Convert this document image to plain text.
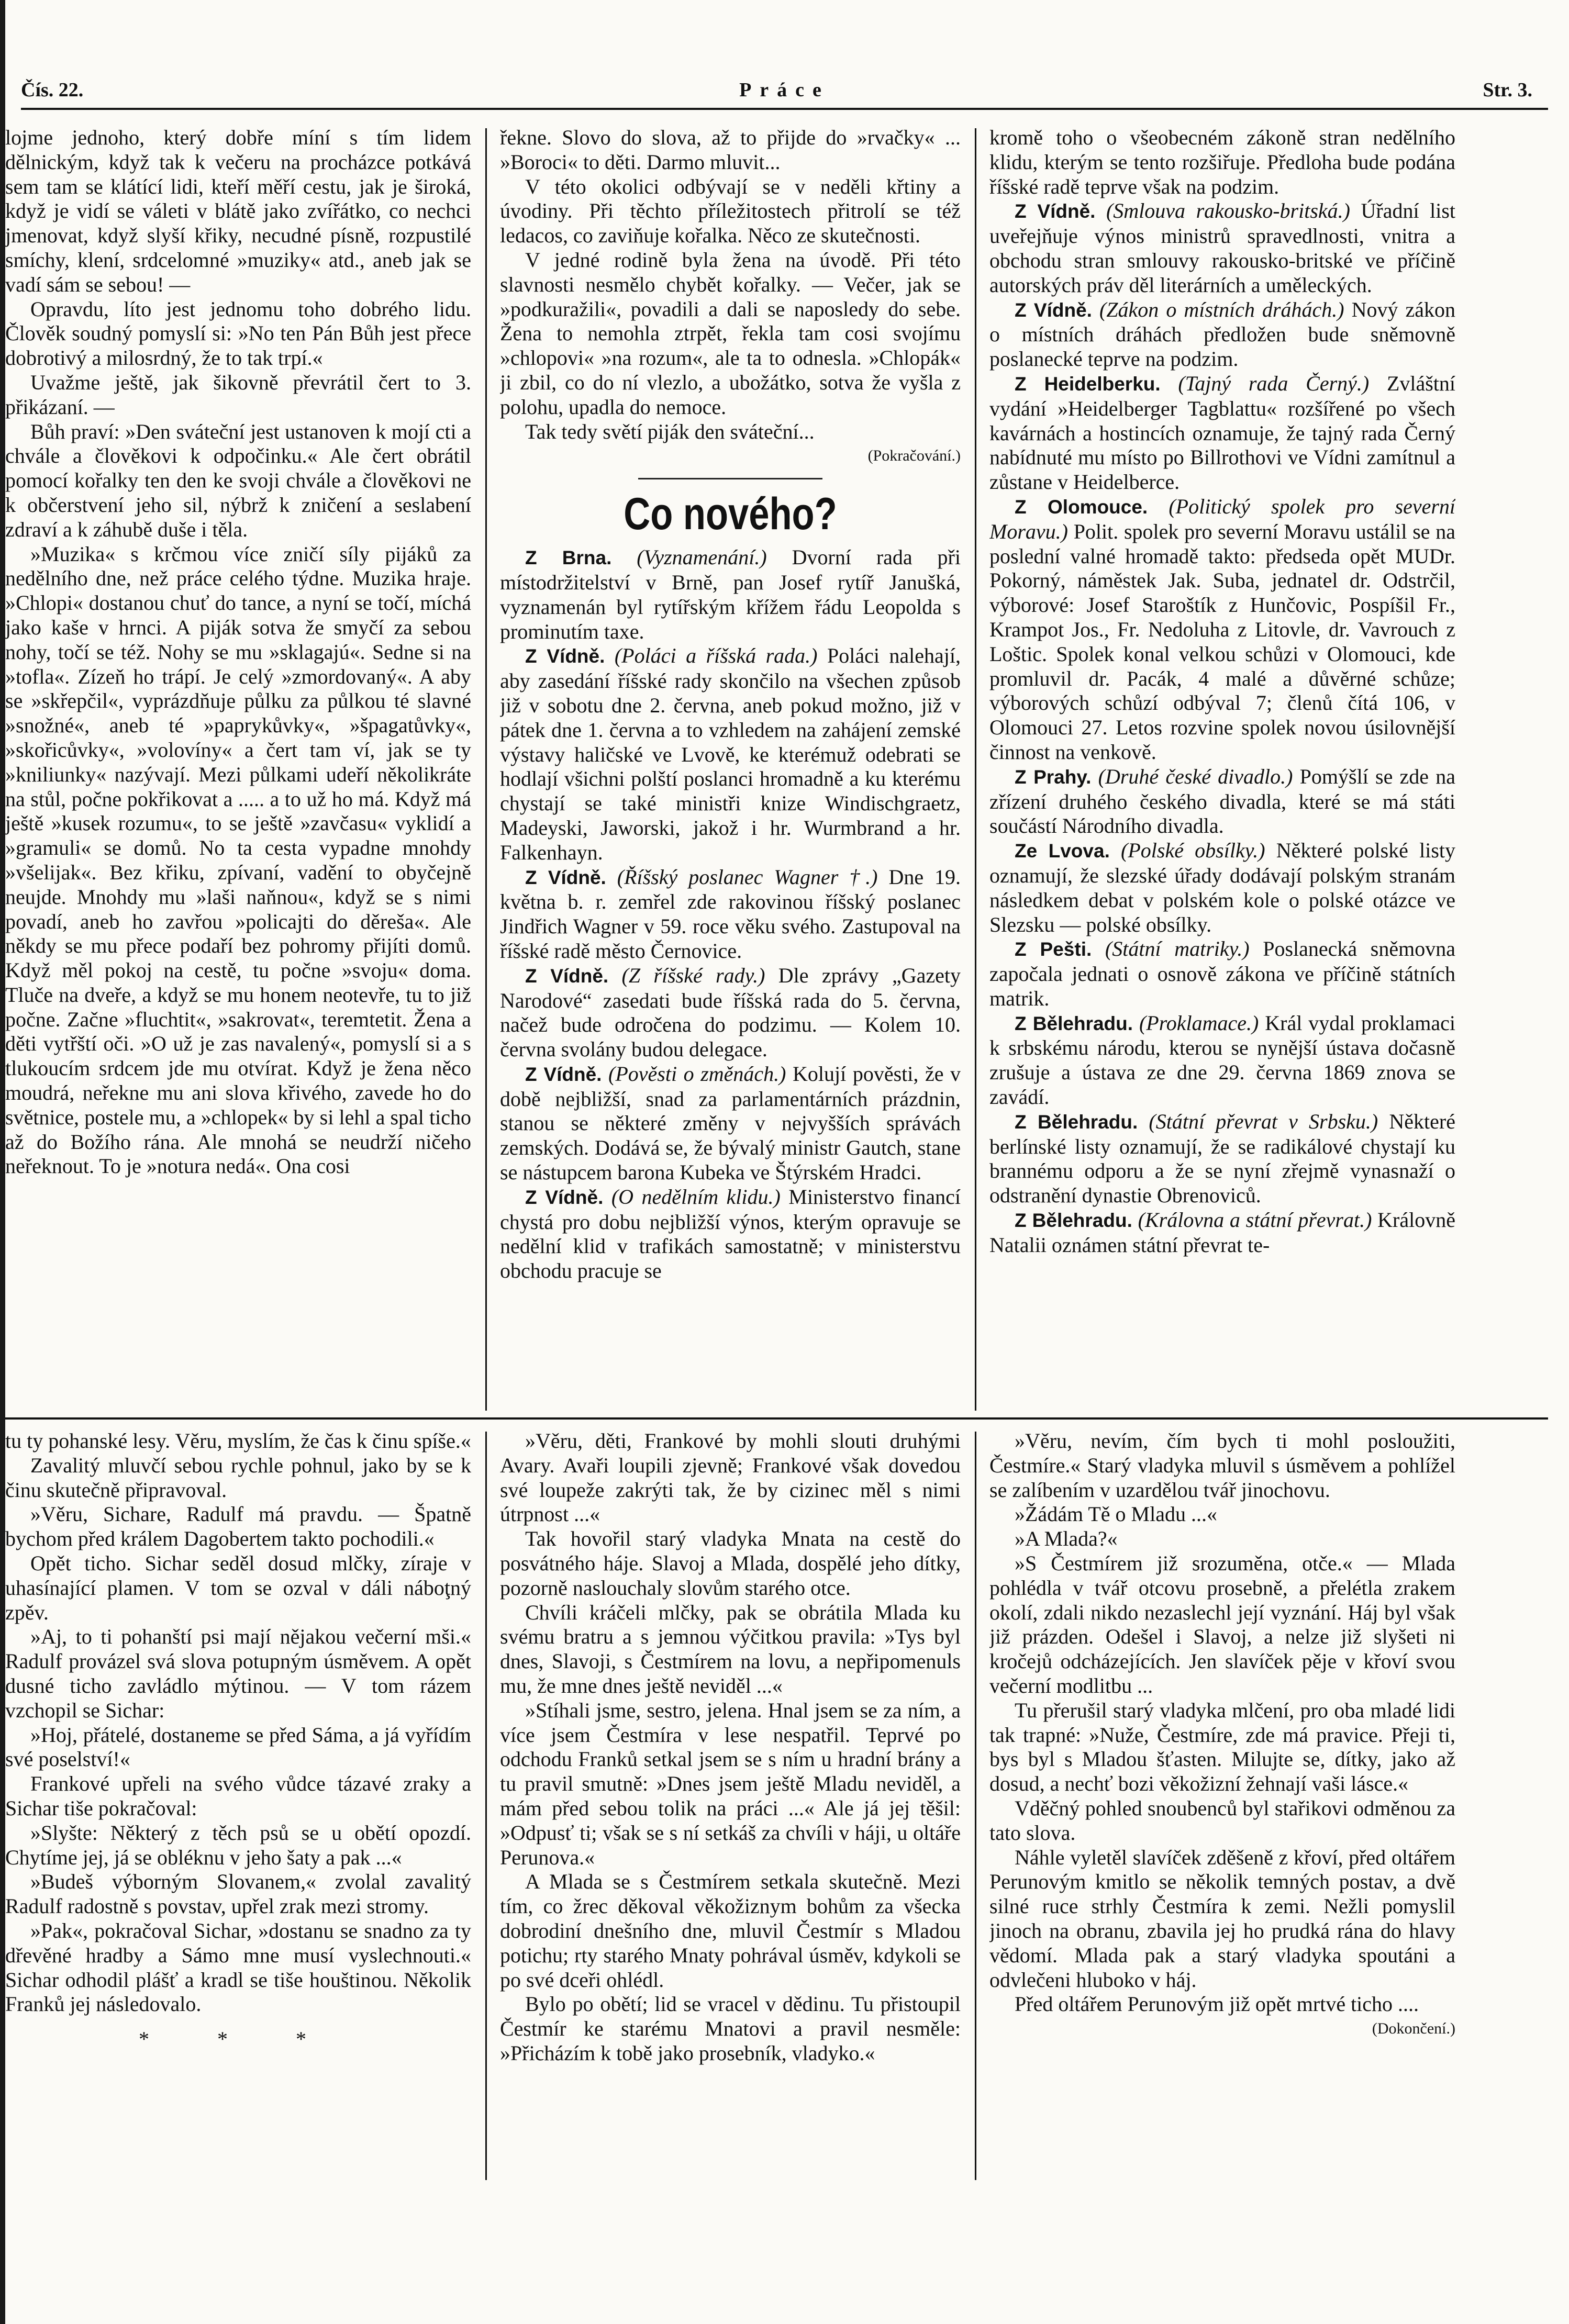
Čís. 22.	Práce	Str. 3.

lojme jednoho, který dobře míní s tím lidem dělnickým, když tak k večeru na procházce potkává sem tam se klátící lidi, kteří měří cestu, jak je široká, když je vidí se váleti v blátě jako zvířátko, co nechci jmenovat, když slyší křiky, necudné písně, rozpustilé smíchy, klení, srdcelomné »muziky« atd., aneb jak se vadí sám se sebou! —

Opravdu, líto jest jednomu toho dobrého lidu. Člověk soudný pomyslí si: »No ten Pán Bůh jest přece dobrotivý a milosrdný, že to tak trpí.«

Uvažme ještě, jak šikovně převrátil čert to 3. přikázaní. —

Bůh praví: »Den sváteční jest ustanoven k mojí cti a chvále a člověkovi k odpočinku.« Ale čert obrátil pomocí kořalky ten den ke svoji chvále a člověkovi ne k občerstvení jeho sil, nýbrž k zničení a seslabení zdraví a k záhubě duše i těla.

»Muzika« s krčmou více zničí síly pijáků za nedělního dne, než práce celého týdne. Muzika hraje. »Chlopi« dostanou chuť do tance, a nyní se točí, míchá jako kaše v hrnci. A piják sotva že smyčí za sebou nohy, točí se též. Nohy se mu »sklagajú«. Sedne si na »tofla«. Zízeň ho trápí. Je celý »zmordovaný«. A aby se »skřepčil«, vyprázdňuje půlku za půlkou té slavné »snožné«, aneb té »paprykůvky«, »špagatůvky«, »skořicůvky«, »volovíny« a čert tam ví, jak se ty »kniliunky« nazývají. Mezi půlkami udeří několikráte na stůl, počne pokřikovat a ..... a to už ho má. Když má ještě »kusek rozumu«, to se ještě »zavčasu« vyklidí a »gramuli« se domů. No ta cesta vypadne mnohdy »všelijak«. Bez křiku, zpívaní, vadění to obyčejně neujde. Mnohdy mu »laši naňnou«, když se s nimi povadí, aneb ho zavřou »policajti do děreša«. Ale někdy se mu přece podaří bez pohromy přijíti domů. Když měl pokoj na cestě, tu počne »svoju« doma. Tluče na dveře, a když se mu honem neotevře, tu to již počne. Začne »fluchtit«, »sakrovat«, teremtetit. Žena a děti vytřští oči. »O už je zas navalený«, pomyslí si a s tlukoucím srdcem jde mu otvírat. Když je žena něco moudrá, neřekne mu ani slova křivého, zavede ho do světnice, postele mu, a »chlopek« by si lehl a spal ticho až do Božího rána. Ale mnohá se neudrží ničeho neřeknout. To je »notura nedá«. Ona cosi

řekne. Slovo do slova, až to přijde do »rvačky« ... »Boroci« to děti. Darmo mluvit...

V této okolici odbývají se v neděli křtiny a úvodiny. Při těchto příležitostech přitrolí se též ledacos, co zaviňuje kořalka. Něco ze skutečnosti.

V jedné rodině byla žena na úvodě. Při této slavnosti nesmělo chybět kořalky. — Večer, jak se »podkuražili«, povadili a dali se naposledy do sebe. Žena to nemohla ztrpět, řekla tam cosi svojímu »chlopovi« »na rozum«, ale ta to odnesla. »Chlopák« ji zbil, co do ní vlezlo, a ubožátko, sotva že vyšla z polohu, upadla do nemoce.

Tak tedy světí piják den sváteční...

(Pokračování.)

Co nového?

Z Brna. (Vyznamenání.) Dvorní rada při místodržitelství v Brně, pan Josef rytíř Janušká, vyznamenán byl rytířským křížem řádu Leopolda s prominutím taxe.

Z Vídně. (Poláci a říšská rada.) Poláci nalehají, aby zasedání říšské rady skončilo na všechen způsob již v sobotu dne 2. června, aneb pokud možno, již v pátek dne 1. června a to vzhledem na zahájení zemské výstavy haličské ve Lvově, ke kterémuž odebrati se hodlají všichni polští poslanci hromadně a ku kterému chystají se také ministři knize Windischgraetz, Madeyski, Jaworski, jakož i hr. Wurmbrand a hr. Falkenhayn.

Z Vídně. (Říšský poslanec Wagner †.) Dne 19. května b. r. zemřel zde rakovinou říšský poslanec Jindřich Wagner v 59. roce věku svého. Zastupoval na říšské radě město Černovice.

Z Vídně. (Z říšské rady.) Dle zprávy „Gazety Narodové“ zasedati bude říšská rada do 5. června, načež bude odročena do podzimu. — Kolem 10. června svolány budou delegace.

Z Vídně. (Pověsti o změnách.) Kolují pověsti, že v době nejbližší, snad za parlamentárních prázdnin, stanou se některé změny v nejvyšších správách zemských. Dodává se, že bývalý ministr Gautch, stane se nástupcem barona Kubeka ve Štýrském Hradci.

Z Vídně. (O nedělním klidu.) Ministerstvo financí chystá pro dobu nejbližší výnos, kterým opravuje se nedělní klid v trafikách samostatně; v ministerstvu obchodu pracuje se

kromě toho o všeobecném zákoně stran nedělního klidu, kterým se tento rozšiřuje. Předloha bude podána říšské radě teprve však na podzim.

Z Vídně. (Smlouva rakousko-britská.) Úřadní list uveřejňuje výnos ministrů spravedlnosti, vnitra a obchodu stran smlouvy rakousko-britské ve příčině autorských práv děl literárních a uměleckých.

Z Vídně. (Zákon o místních dráhách.) Nový zákon o místních dráhách předložen bude sněmovně poslanecké teprve na podzim.

Z Heidelberku. (Tajný rada Černý.) Zvláštní vydání »Heidelberger Tagblattu« rozšířené po všech kavárnách a hostincích oznamuje, že tajný rada Černý nabídnuté mu místo po Billrothovi ve Vídni zamítnul a zůstane v Heidelberce.

Z Olomouce. (Politický spolek pro severní Moravu.) Polit. spolek pro severní Moravu ustálil se na poslední valné hromadě takto: předseda opět MUDr. Pokorný, náměstek Jak. Suba, jednatel dr. Odstrčil, výborové: Josef Staroštík z Hunčovic, Pospíšil Fr., Krampot Jos., Fr. Nedoluha z Litovle, dr. Vavrouch z Loštic. Spolek konal velkou schůzi v Olomouci, kde promluvil dr. Pacák, 4 malé a důvěrné schůze; výborových schůzí odbýval 7; členů čítá 106, v Olomouci 27. Letos rozvine spolek novou úsilovnější činnost na venkově.

Z Prahy. (Druhé české divadlo.) Pomýšlí se zde na zřízení druhého českého divadla, které se má státi součástí Národního divadla.

Ze Lvova. (Polské obsílky.) Některé polské listy oznamují, že slezské úřady dodávají polským stranám následkem debat v polském kole o polské otázce ve Slezsku — polské obsílky.

Z Pešti. (Státní matriky.) Poslanecká sněmovna započala jednati o osnově zákona ve příčině státních matrik.

Z Bělehradu. (Proklamace.) Král vydal proklamaci k srbskému národu, kterou se nynější ústava dočasně zrušuje a ústava ze dne 29. června 1869 znova se zavádí.

Z Bělehradu. (Státní převrat v Srbsku.) Některé berlínské listy oznamují, že se radikálové chystají ku brannému odporu a že se nyní zřejmě vynasnaží o odstranění dynastie Obrenoviců.

Z Bělehradu. (Královna a státní převrat.) Královně Natalii oznámen státní převrat te-

tu ty pohanské lesy. Věru, myslím, že čas k činu spíše.«

Zavalitý mluvčí sebou rychle pohnul, jako by se k činu skutečně připravoval.

»Věru, Sichare, Radulf má pravdu. — Špatně bychom před králem Dagobertem takto pochodili.«

Opět ticho. Sichar seděl dosud mlčky, zíraje v uhasínající plamen. V tom se ozval v dáli náboţný zpěv.

»Aj, to ti pohanští psi mají nějakou večerní mši.« Radulf provázel svá slova potupným úsměvem. A opět dusné ticho zavládlo mýtinou. — V tom rázem vzchopil se Sichar:

»Hoj, přátelé, dostaneme se před Sáma, a já vyřídím své poselství!«

Frankové upřeli na svého vůdce tázavé zraky a Sichar tiše pokračoval:

»Slyšte: Některý z těch psů se u obětí opozdí. Chytíme jej, já se obléknu v jeho šaty a pak ...«

»Budeš výborným Slovanem,« zvolal zavalitý Radulf radostně s povstav, upřel zrak mezi stromy.

»Pak«, pokračoval Sichar, »dostanu se snadno za ty dřevěné hradby a Sámo mne musí vyslechnouti.« Sichar odhodil plášť a kradl se tiše houštinou. Několik Franků jej následovalo.

* * *

»Věru, děti, Frankové by mohli slouti druhými Avary. Avaři loupili zjevně; Frankové však dovedou své loupeže zakrýti tak, že by cizinec měl s nimi útrpnost ...«

Tak hovořil starý vladyka Mnata na cestě do posvátného háje. Slavoj a Mlada, dospělé jeho dítky, pozorně naslouchaly slovům starého otce.

Chvíli kráčeli mlčky, pak se obrátila Mlada ku svému bratru a s jemnou výčitkou pravila: »Tys byl dnes, Slavoji, s Čestmírem na lovu, a nepřipomenuls mu, že mne dnes ještě neviděl ...«

»Stíhali jsme, sestro, jelena. Hnal jsem se za ním, a více jsem Čestmíra v lese nespatřil. Teprvé po odchodu Franků setkal jsem se s ním u hradní brány a tu pravil smutně: »Dnes jsem ještě Mladu neviděl, a mám před sebou tolik na práci ...« Ale já jej těšil: »Odpusť ti; však se s ní setkáš za chvíli v háji, u oltáře Perunova.«

A Mlada se s Čestmírem setkala skutečně. Mezi tím, co žrec děkoval věkožiznym bohům za všecka dobrodiní dnešního dne, mluvil Čestmír s Mladou potichu; rty starého Mnaty pohrával úsměv, kdykoli se po své dceři ohlédl.

Bylo po obětí; lid se vracel v dědinu. Tu přistoupil Čestmír ke starému Mnatovi a pravil nesměle: »Přicházím k tobě jako prosebník, vladyko.«

»Věru, nevím, čím bych ti mohl posloužiti, Čestmíre.« Starý vladyka mluvil s úsměvem a pohlížel se zalíbením v uzardělou tvář jinochovu.

»Žádám Tě o Mladu ...«

»A Mlada?«

»S Čestmírem již srozuměna, otče.« — Mlada pohlédla v tvář otcovu prosebně, a přelétla zrakem okolí, zdali nikdo nezaslechl její vyznání. Háj byl však již prázden. Odešel i Slavoj, a nelze již slyšeti ni kročejů odcházejících. Jen slavíček pěje v křoví svou večerní modlitbu ...

Tu přerušil starý vladyka mlčení, pro oba mladé lidi tak trapné: »Nuže, Čestmíre, zde má pravice. Přeji ti, bys byl s Mladou šťasten. Milujte se, dítky, jako až dosud, a nechť bozi věkožizní žehnají vaši lásce.«

Vděčný pohled snoubenců byl stařikovi odměnou za tato slova.

Náhle vyletěl slavíček zděšeně z křoví, před oltářem Perunovým kmitlo se několik temných postav, a dvě silné ruce strhly Čestmíra k zemi. Nežli pomyslil jinoch na obranu, zbavila jej ho prudká rána do hlavy vědomí. Mlada pak a starý vladyka spoutáni a odvlečeni hluboko v háj.

Před oltářem Perunovým již opět mrtvé ticho ....

(Dokončení.)
